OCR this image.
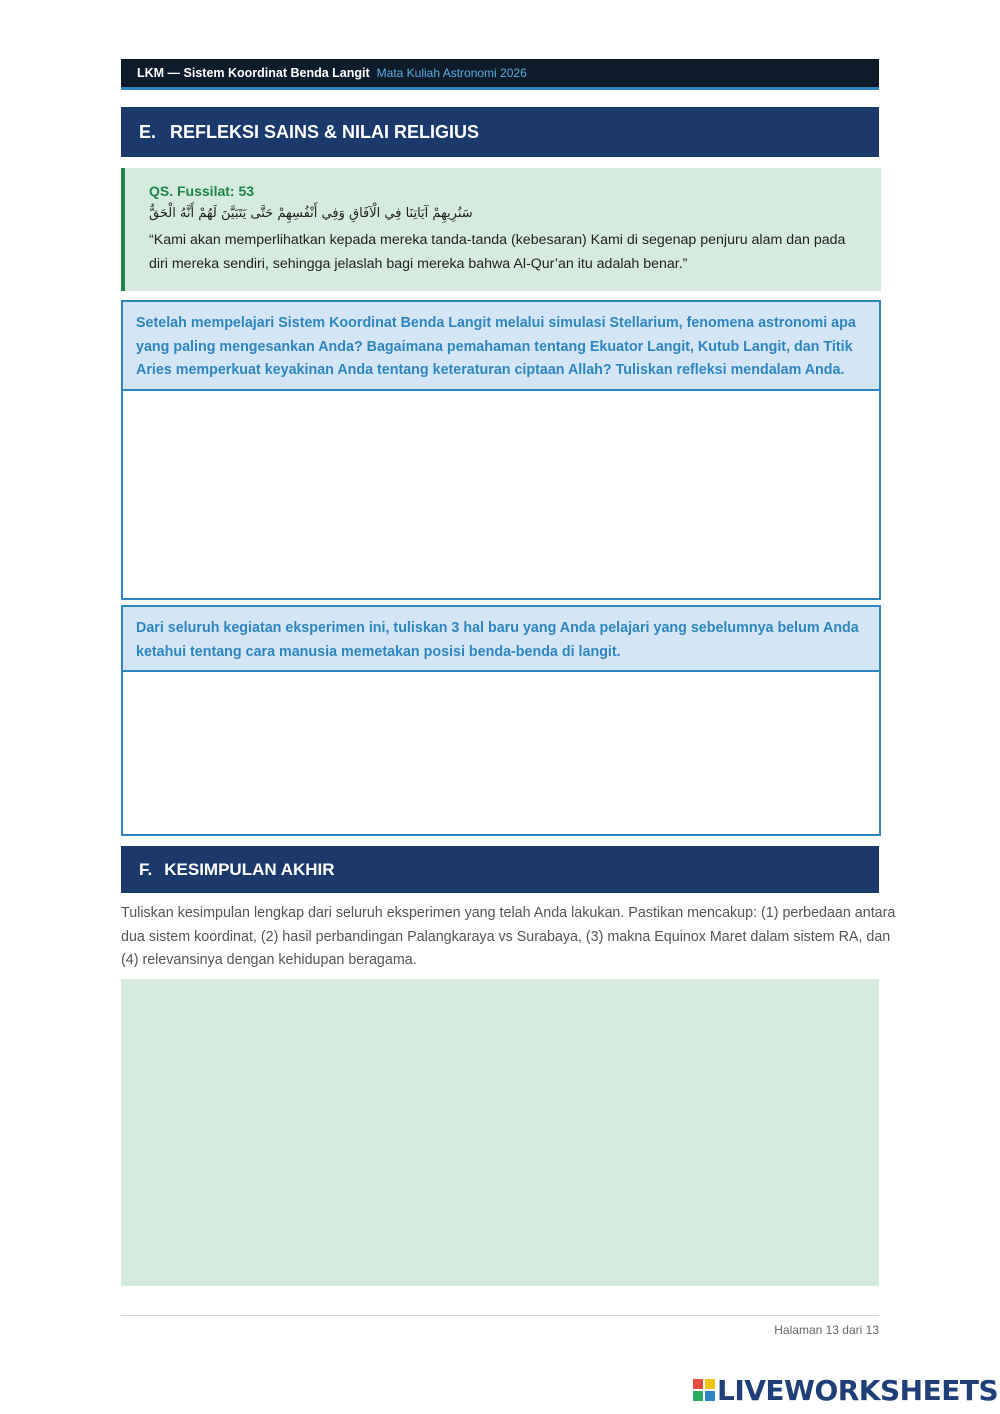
LKM — Sistem Koordinat Benda Langit Mata Kuliah Astronomi 2026
E. REFLEKSI SAINS & NILAI RELIGIUS
QS. Fussilat: 53
سَنُرِيهِمْ آيَاتِنَا فِي الْآفَاقِ وَفِي أَنْفُسِهِمْ حَتَّى يَتَبَيَّنَ لَهُمْ أَنَّهُ الْحَقُّ
“Kami akan memperlihatkan kepada mereka tanda-tanda (kebesaran) Kami di segenap penjuru alam dan pada diri mereka sendiri, sehingga jelaslah bagi mereka bahwa Al-Qur’an itu adalah benar.”
Setelah mempelajari Sistem Koordinat Benda Langit melalui simulasi Stellarium, fenomena astronomi apa yang paling mengesankan Anda? Bagaimana pemahaman tentang Ekuator Langit, Kutub Langit, dan Titik Aries memperkuat keyakinan Anda tentang keteraturan ciptaan Allah? Tuliskan refleksi mendalam Anda.
Dari seluruh kegiatan eksperimen ini, tuliskan 3 hal baru yang Anda pelajari yang sebelumnya belum Anda ketahui tentang cara manusia memetakan posisi benda-benda di langit.
F. KESIMPULAN AKHIR
Tuliskan kesimpulan lengkap dari seluruh eksperimen yang telah Anda lakukan. Pastikan mencakup: (1) perbedaan antara dua sistem koordinat, (2) hasil perbandingan Palangkaraya vs Surabaya, (3) makna Equinox Maret dalam sistem RA, dan (4) relevansinya dengan kehidupan beragama.
Halaman 13 dari 13
LIVEWORKSHEETS
